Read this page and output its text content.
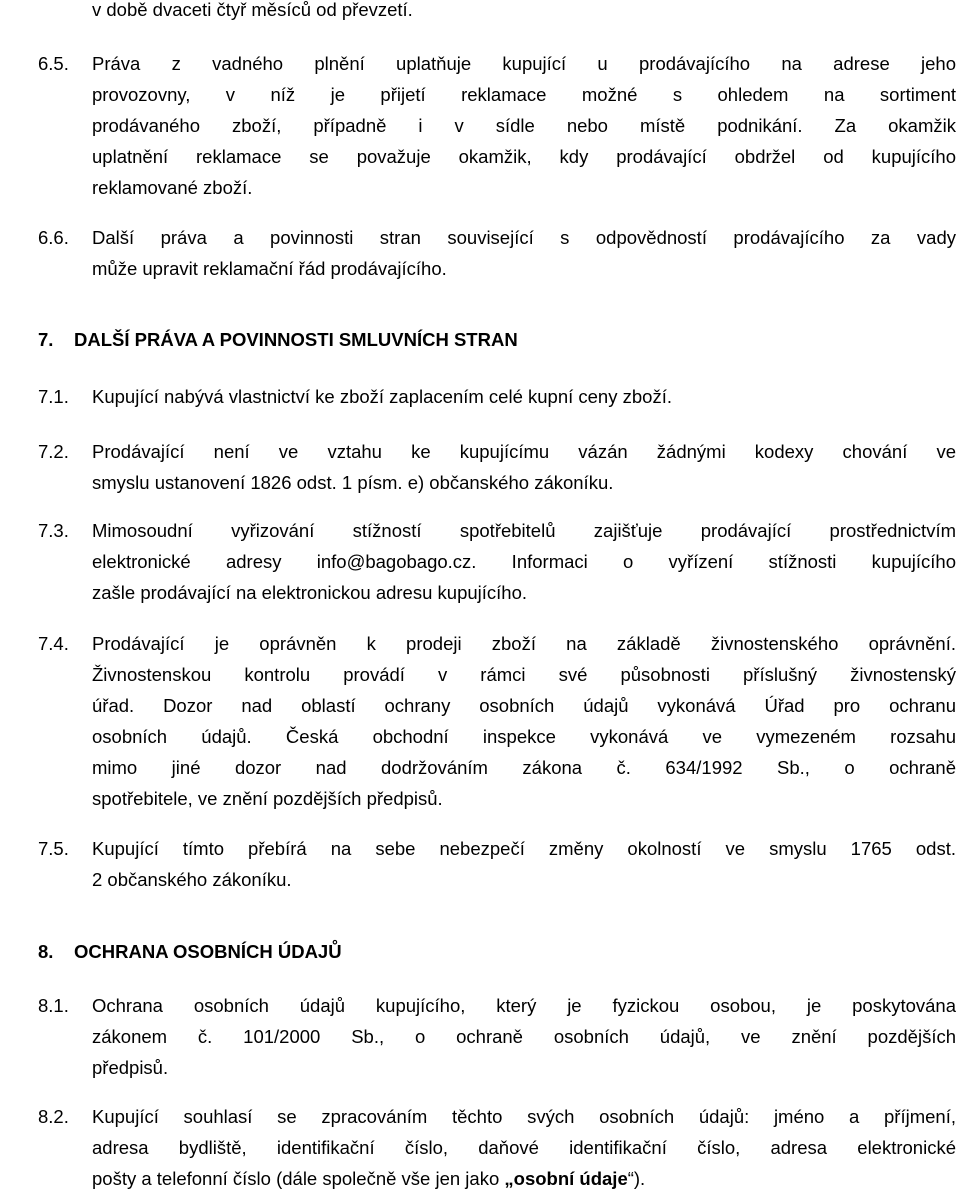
v době dvaceti čtyř měsíců od převzetí.
6.5. Práva z vadného plnění uplatňuje kupující u prodávajícího na adrese jeho
provozovny, v níž je přijetí reklamace možné s ohledem na sortiment
prodávaného zboží, případně i v sídle nebo místě podnikání. Za okamžik
uplatnění reklamace se považuje okamžik, kdy prodávající obdržel od kupujícího
reklamované zboží.
6.6. Další práva a povinnosti stran související s odpovědností prodávajícího za vady
může upravit reklamační řád prodávajícího.
7. DALŠÍ PRÁVA A POVINNOSTI SMLUVNÍCH STRAN
7.1. Kupující nabývá vlastnictví ke zboží zaplacením celé kupní ceny zboží.
7.2. Prodávající není ve vztahu ke kupujícímu vázán žádnými kodexy chování ve
smyslu ustanovení 1826 odst. 1 písm. e) občanského zákoníku.
7.3. Mimosoudní vyřizování stížností spotřebitelů zajišťuje prodávající prostřednictvím
elektronické adresy info@bagobago.cz. Informaci o vyřízení stížnosti kupujícího
zašle prodávající na elektronickou adresu kupujícího.
7.4. Prodávající je oprávněn k prodeji zboží na základě živnostenského oprávnění.
Živnostenskou kontrolu provádí v rámci své působnosti příslušný živnostenský
úřad. Dozor nad oblastí ochrany osobních údajů vykonává Úřad pro ochranu
osobních údajů. Česká obchodní inspekce vykonává ve vymezeném rozsahu
mimo jiné dozor nad dodržováním zákona č. 634/1992 Sb., o ochraně
spotřebitele, ve znění pozdějších předpisů.
7.5. Kupující tímto přebírá na sebe nebezpečí změny okolností ve smyslu 1765 odst.
2 občanského zákoníku.
8. OCHRANA OSOBNÍCH ÚDAJŮ
8.1. Ochrana osobních údajů kupujícího, který je fyzickou osobou, je poskytována
zákonem č. 101/2000 Sb., o ochraně osobních údajů, ve znění pozdějších
předpisů.
8.2. Kupující souhlasí se zpracováním těchto svých osobních údajů: jméno a příjmení,
adresa bydliště, identifikační číslo, daňové identifikační číslo, adresa elektronické
pošty a telefonní číslo (dále společně vše jen jako „osobní údaje“).
